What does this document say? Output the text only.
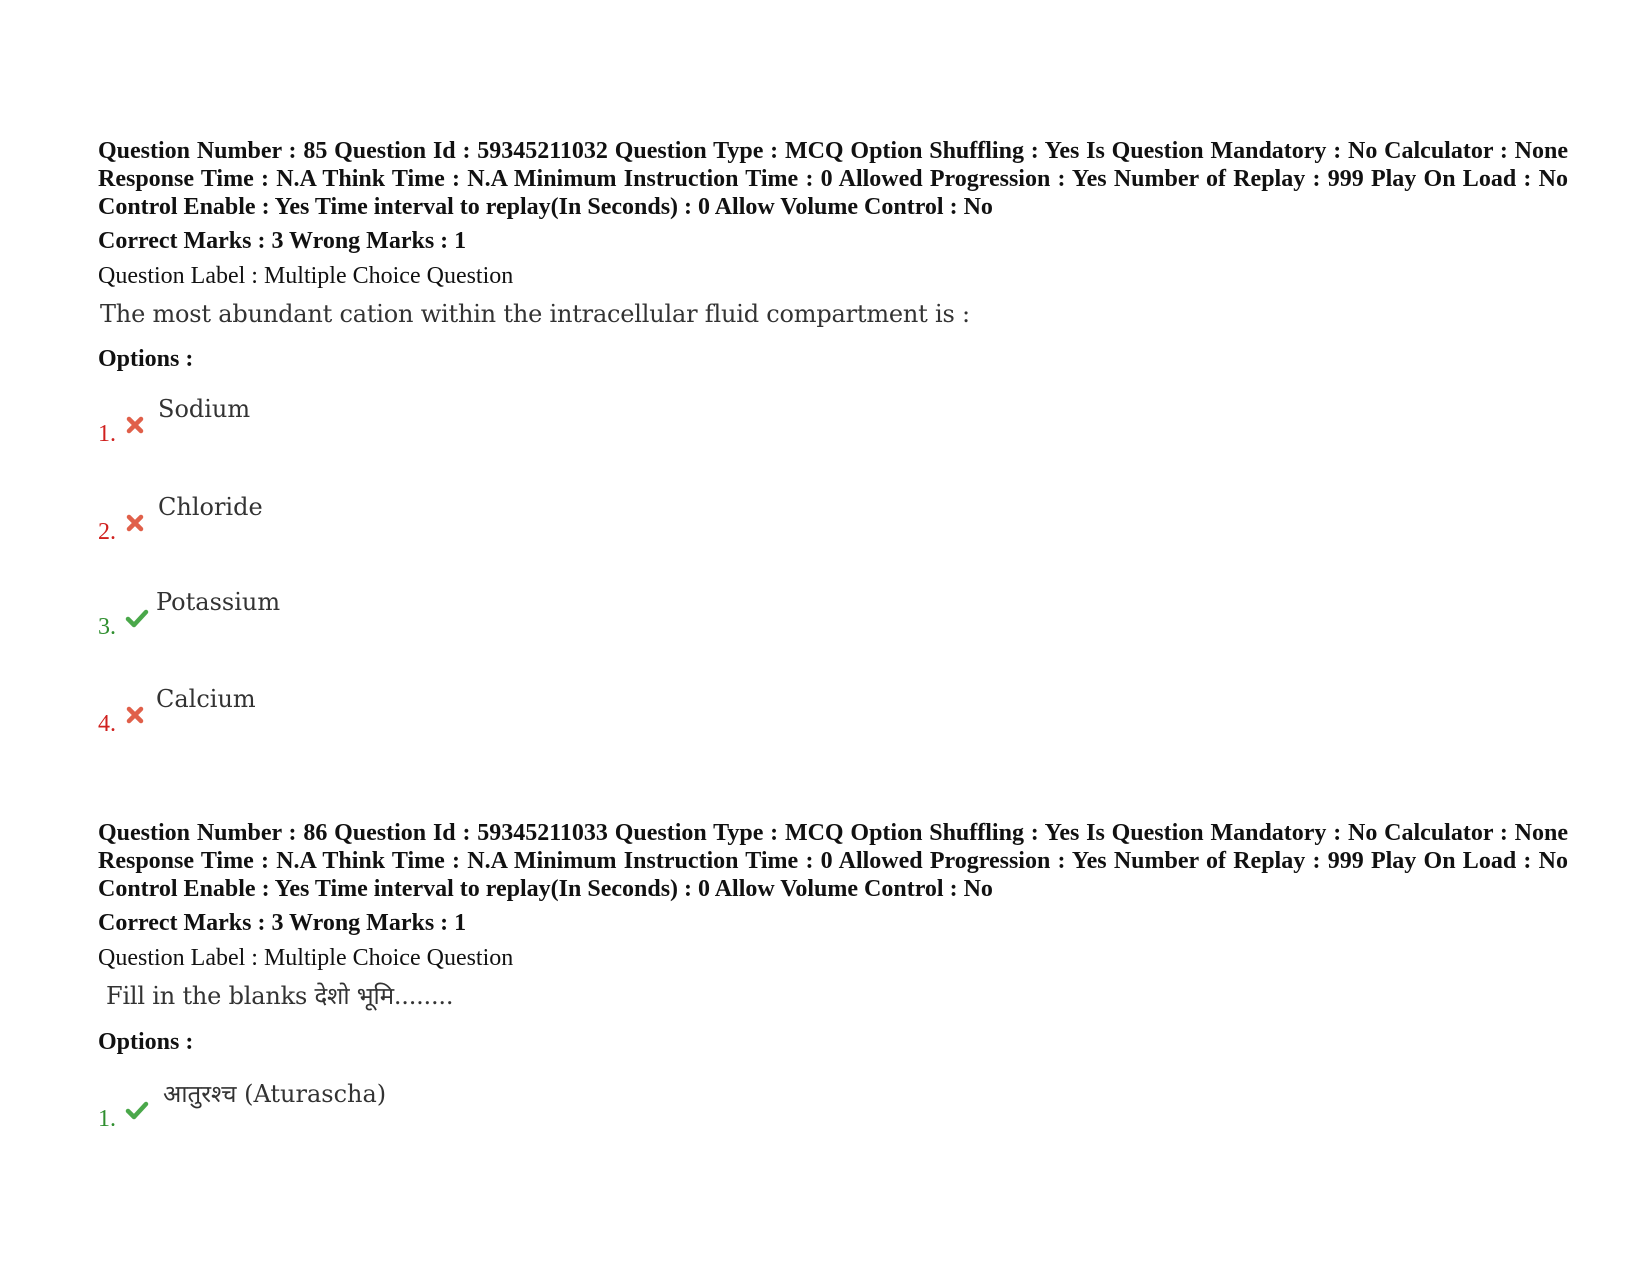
Question Number : 85 Question Id : 59345211032 Question Type : MCQ Option Shuffling : Yes Is Question Mandatory : No Calculator : None Response Time : N.A Think Time : N.A Minimum Instruction Time : 0 Allowed Progression : Yes Number of Replay : 999 Play On Load : No Control Enable : Yes Time interval to replay(In Seconds) : 0 Allow Volume Control : No

Correct Marks : 3 Wrong Marks : 1

Question Label : Multiple Choice Question

The most abundant cation within the intracellular fluid compartment is :

Options :

1.
Sodium
2.
Chloride
3.
Potassium
4.
Calcium

Question Number : 86 Question Id : 59345211033 Question Type : MCQ Option Shuffling : Yes Is Question Mandatory : No Calculator : None Response Time : N.A Think Time : N.A Minimum Instruction Time : 0 Allowed Progression : Yes Number of Replay : 999 Play On Load : No Control Enable : Yes Time interval to replay(In Seconds) : 0 Allow Volume Control : No

Correct Marks : 3 Wrong Marks : 1

Question Label : Multiple Choice Question

Fill in the blanks देशो भूमि........

Options :

1.
आतुरश्च (Aturascha)
